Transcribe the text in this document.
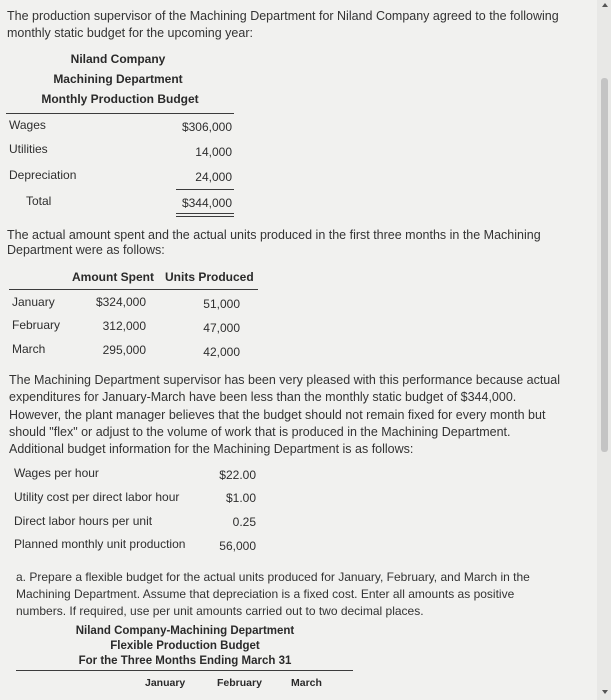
The production supervisor of the Machining Department for Niland Company agreed to the following

monthly static budget for the upcoming year:

Niland Company
Machining Department
Monthly Production Budget
Wages	$306,000
Utilities	14,000
Depreciation	24,000
Total	$344,000

The actual amount spent and the actual units produced in the first three months in the Machining

Department were as follows:

Amount Spent Units Produced
January	$324,000	51,000
February	312,000	47,000
March	295,000	42,000

The Machining Department supervisor has been very pleased with this performance because actual

expenditures for January-March have been less than the monthly static budget of $344,000.

However, the plant manager believes that the budget should not remain fixed for every month but

should "flex" or adjust to the volume of work that is produced in the Machining Department.

Additional budget information for the Machining Department is as follows:

Wages per hour	$22.00
Utility cost per direct labor hour	$1.00
Direct labor hours per unit	0.25
Planned monthly unit production	56,000

a. Prepare a flexible budget for the actual units produced for January, February, and March in the

Machining Department. Assume that depreciation is a fixed cost. Enter all amounts as positive

numbers. If required, use per unit amounts carried out to two decimal places.

Niland Company-Machining Department
Flexible Production Budget
For the Three Months Ending March 31
January	February	March
